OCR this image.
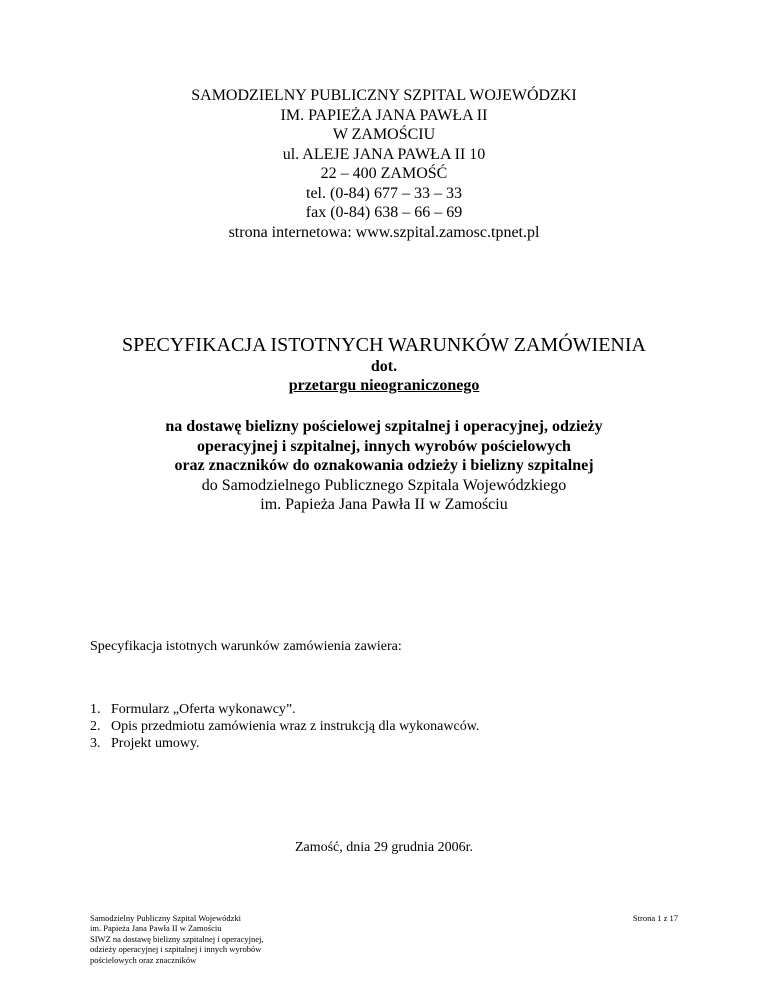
SAMODZIELNY PUBLICZNY SZPITAL WOJEWÓDZKI
IM. PAPIEŻA JANA PAWŁA II
W ZAMOŚCIU
ul. ALEJE JANA PAWŁA II 10
22 – 400 ZAMOŚĆ
tel. (0-84) 677 – 33 – 33
fax (0-84) 638 – 66 – 69
strona internetowa: www.szpital.zamosc.tpnet.pl
SPECYFIKACJA ISTOTNYCH WARUNKÓW ZAMÓWIENIA
dot.
przetargu nieograniczonego
na dostawę bielizny pościelowej szpitalnej i operacyjnej, odzieży
operacyjnej i szpitalnej, innych wyrobów pościelowych
oraz znaczników do oznakowania odzieży i bielizny szpitalnej
do Samodzielnego Publicznego Szpitala Wojewódzkiego
im. Papieża Jana Pawła II w Zamościu
Specyfikacja istotnych warunków zamówienia zawiera:
1. Formularz „Oferta wykonawcy”.
2. Opis przedmiotu zamówienia wraz z instrukcją dla wykonawców.
3. Projekt umowy.
Zamość, dnia 29 grudnia 2006r.
Samodzielny Publiczny Szpital Wojewódzki
im. Papieża Jana Pawła II w Zamościu
SIWZ na dostawę bielizny szpitalnej i operacyjnej,
odzieży operacyjnej i szpitalnej i innych wyrobów
pościelowych oraz znaczników
Strona 1 z 17
